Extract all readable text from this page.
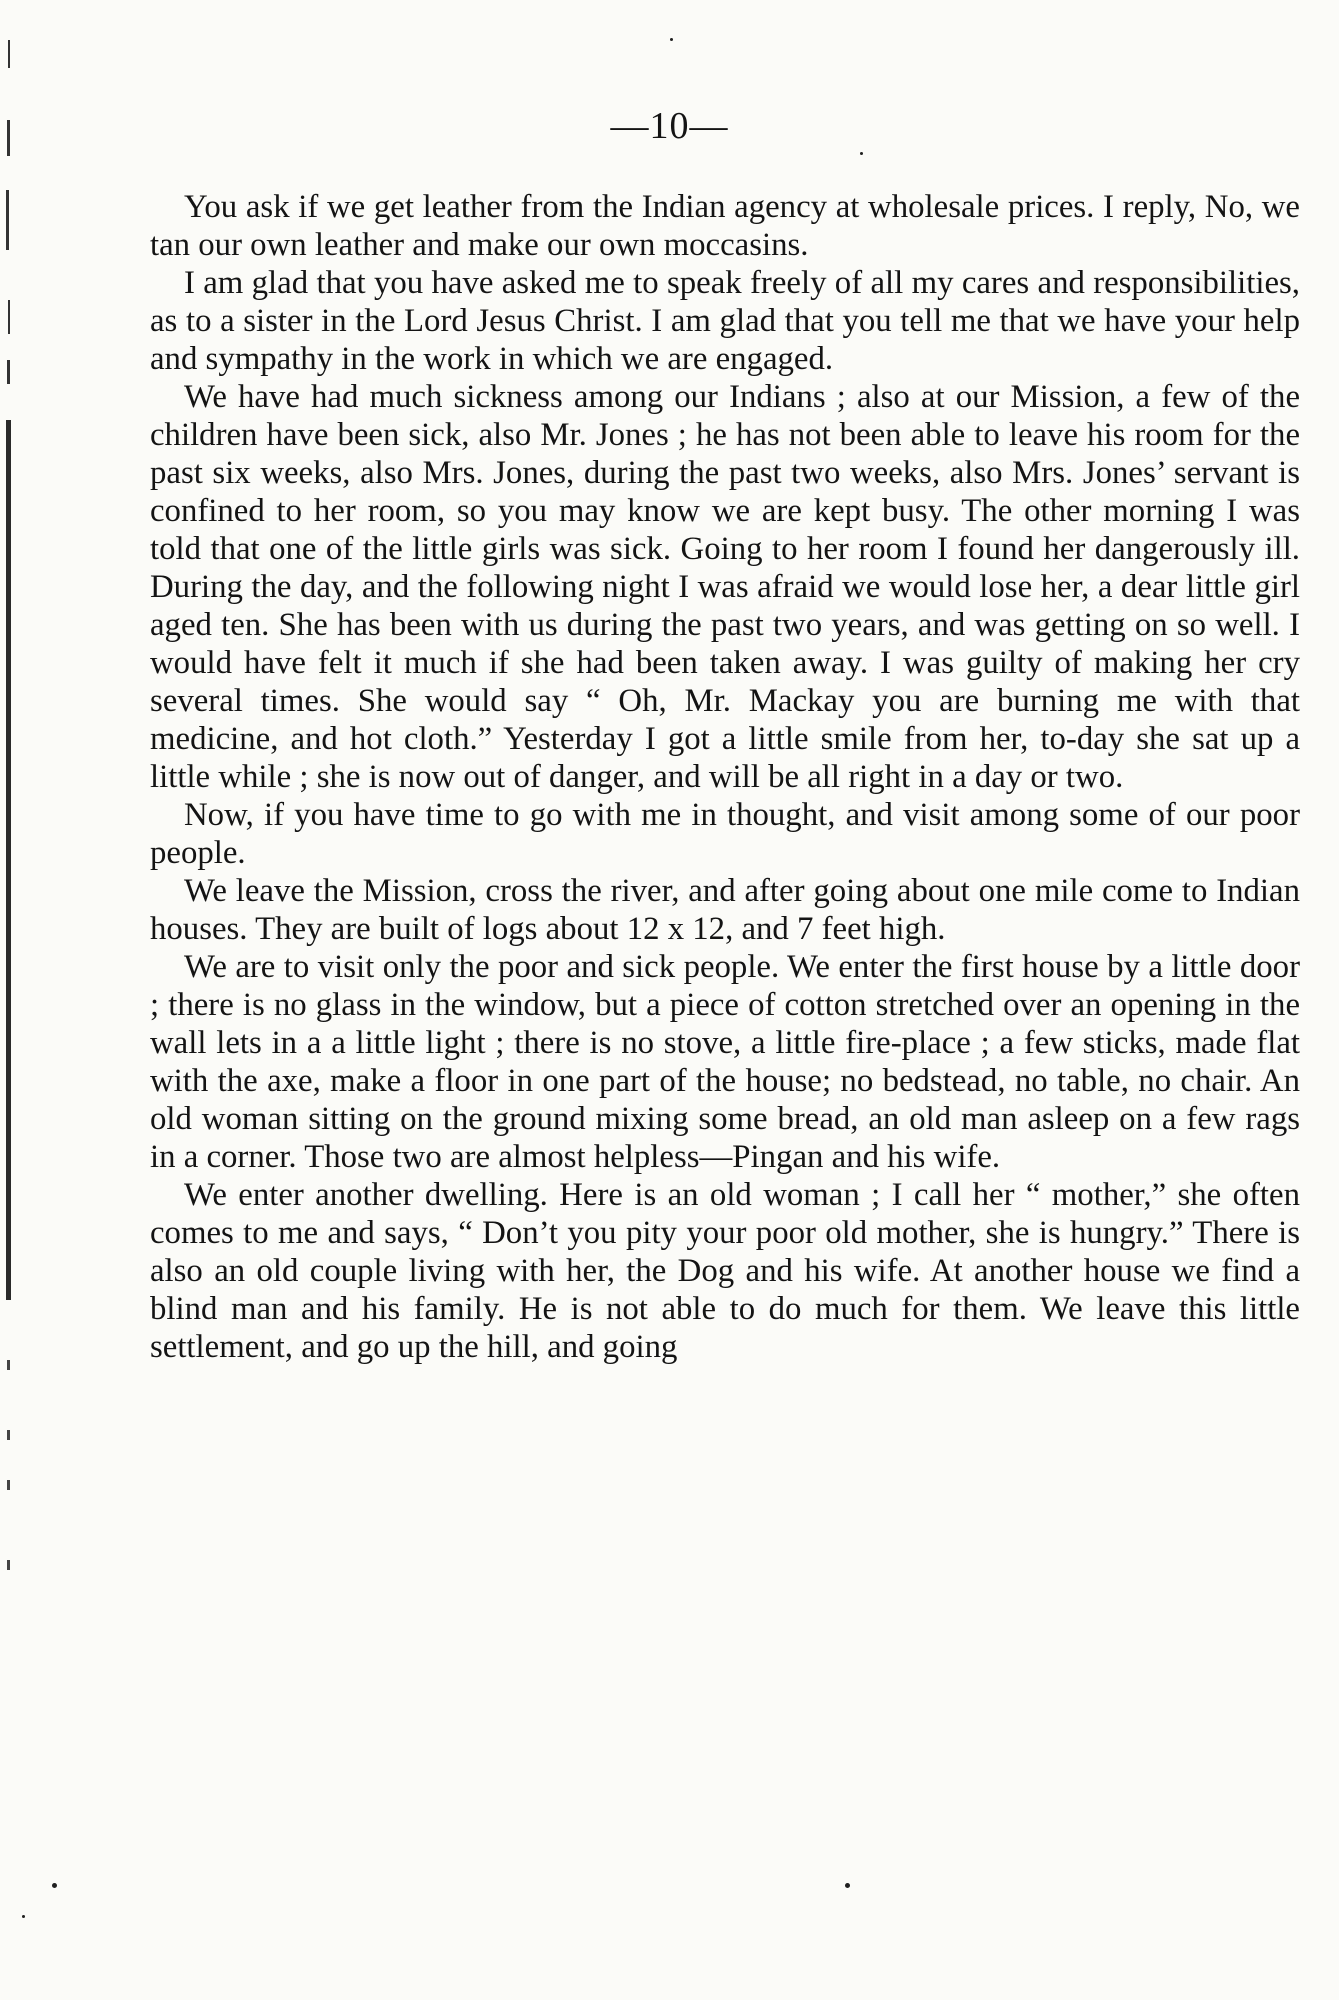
—10—

You ask if we get leather from the Indian agency at wholesale prices. I reply, No, we tan our own leather and make our own moccasins.

I am glad that you have asked me to speak freely of all my cares and responsibilities, as to a sister in the Lord Jesus Christ. I am glad that you tell me that we have your help and sympathy in the work in which we are engaged.

We have had much sickness among our Indians ; also at our Mission, a few of the children have been sick, also Mr. Jones ; he has not been able to leave his room for the past six weeks, also Mrs. Jones, during the past two weeks, also Mrs. Jones’ servant is confined to her room, so you may know we are kept busy. The other morning I was told that one of the little girls was sick. Going to her room I found her dangerously ill. During the day, and the following night I was afraid we would lose her, a dear little girl aged ten. She has been with us during the past two years, and was getting on so well. I would have felt it much if she had been taken away. I was guilty of making her cry several times. She would say “ Oh, Mr. Mackay you are burning me with that medicine, and hot cloth.” Yesterday I got a little smile from her, to-day she sat up a little while ; she is now out of danger, and will be all right in a day or two.

Now, if you have time to go with me in thought, and visit among some of our poor people.

We leave the Mission, cross the river, and after going about one mile come to Indian houses. They are built of logs about 12 x 12, and 7 feet high.

We are to visit only the poor and sick people. We enter the first house by a little door ; there is no glass in the window, but a piece of cotton stretched over an opening in the wall lets in a a little light ; there is no stove, a little fire-place ; a few sticks, made flat with the axe, make a floor in one part of the house; no bedstead, no table, no chair. An old woman sitting on the ground mixing some bread, an old man asleep on a few rags in a corner. Those two are almost helpless—Pingan and his wife.

We enter another dwelling. Here is an old woman ; I call her “ mother,” she often comes to me and says, “ Don’t you pity your poor old mother, she is hungry.” There is also an old couple living with her, the Dog and his wife. At another house we find a blind man and his family. He is not able to do much for them. We leave this little settlement, and go up the hill, and going
